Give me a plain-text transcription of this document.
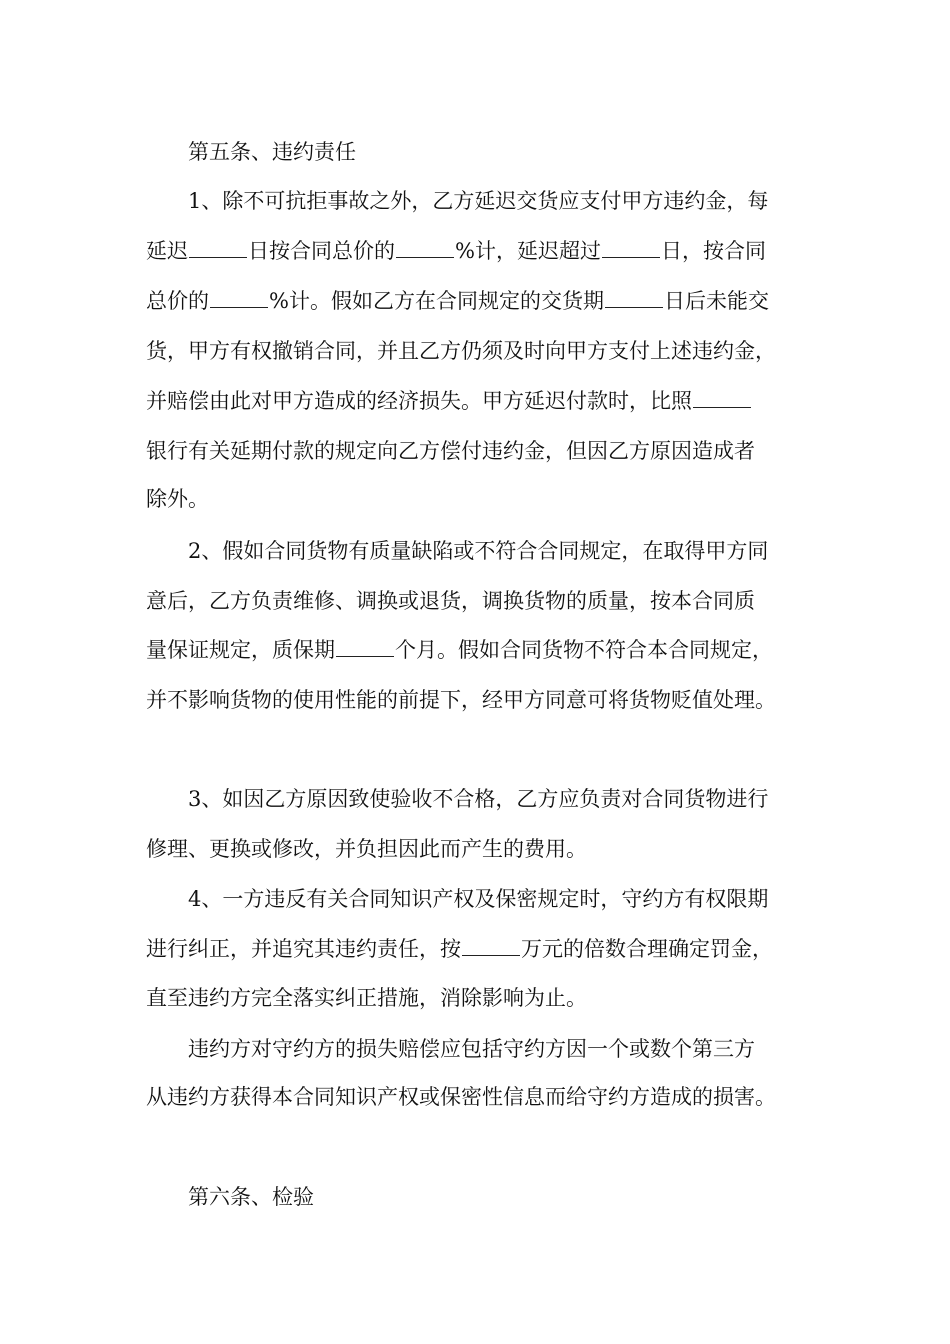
第五条、违约责任
1、除不可抗拒事故之外，乙方延迟交货应支付甲方违约金，每
延迟	日按合同总价的	%计，延迟超过	日，按合同
总价的	%计。假如乙方在合同规定的交货期	日后未能交
货，甲方有权撤销合同，并且乙方仍须及时向甲方支付上述违约金，
并赔偿由此对甲方造成的经济损失。甲方延迟付款时，比照
银行有关延期付款的规定向乙方偿付违约金，但因乙方原因造成者
除外。
2、假如合同货物有质量缺陷或不符合合同规定，在取得甲方同
意后，乙方负责维修、调换或退货，调换货物的质量，按本合同质
量保证规定，质保期	个月。假如合同货物不符合本合同规定，
并不影响货物的使用性能的前提下，经甲方同意可将货物贬值处理。
3、如因乙方原因致使验收不合格，乙方应负责对合同货物进行
修理、更换或修改，并负担因此而产生的费用。
4、一方违反有关合同知识产权及保密规定时，守约方有权限期
进行纠正，并追究其违约责任，按	万元的倍数合理确定罚金，
直至违约方完全落实纠正措施，消除影响为止。
违约方对守约方的损失赔偿应包括守约方因一个或数个第三方
从违约方获得本合同知识产权或保密性信息而给守约方造成的损害。
第六条、检验
